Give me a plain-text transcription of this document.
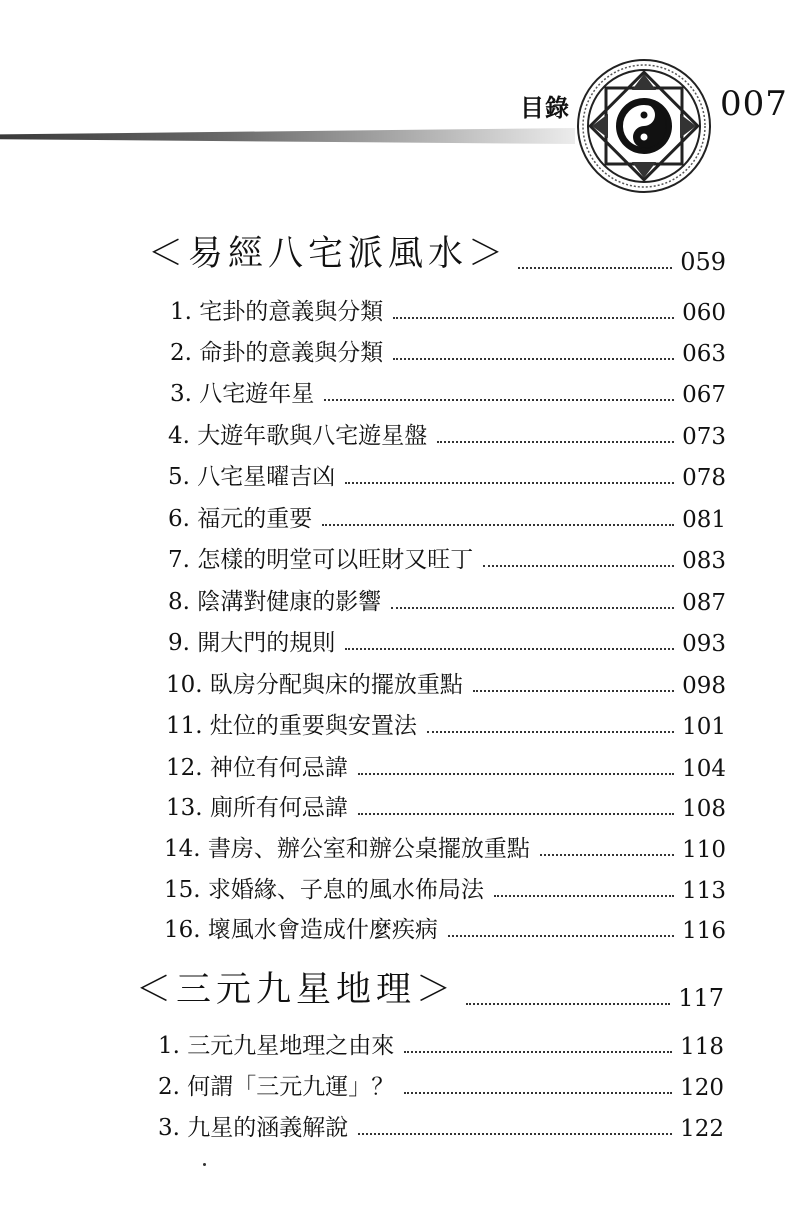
目錄	007
＜易經八宅派風水＞	059
1. 宅卦的意義與分類	060
2. 命卦的意義與分類	063
3. 八宅遊年星	067
4. 大遊年歌與八宅遊星盤	073
5. 八宅星曜吉凶	078
6. 福元的重要	081
7. 怎樣的明堂可以旺財又旺丁	083
8. 陰溝對健康的影響	087
9. 開大門的規則	093
10. 臥房分配與床的擺放重點	098
11. 灶位的重要與安置法	101
12. 神位有何忌諱	104
13. 廁所有何忌諱	108
14. 書房、辦公室和辦公桌擺放重點	110
15. 求婚緣、子息的風水佈局法	113
16. 壞風水會造成什麼疾病	116
＜三元九星地理＞	117
1. 三元九星地理之由來	118
2. 何謂「三元九運」？	120
3. 九星的涵義解說	122
